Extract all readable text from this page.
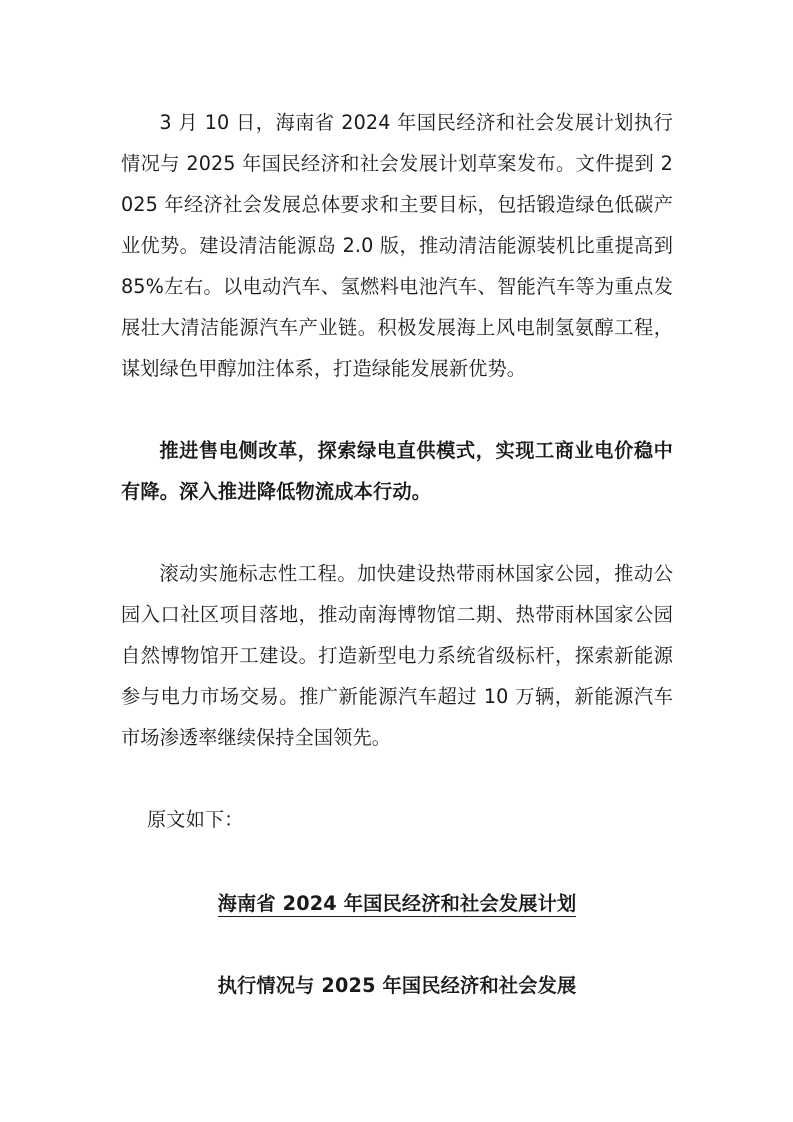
3 月 10 日，海南省 2024 年国民经济和社会发展计划执行情况与 2025 年国民经济和社会发展计划草案发布。文件提到 2025 年经济社会发展总体要求和主要目标，包括锻造绿色低碳产业优势。建设清洁能源岛 2.0 版，推动清洁能源装机比重提高到 85%左右。以电动汽车、氢燃料电池汽车、智能汽车等为重点发展壮大清洁能源汽车产业链。积极发展海上风电制氢氨醇工程，谋划绿色甲醇加注体系，打造绿能发展新优势。

推进售电侧改革，探索绿电直供模式，实现工商业电价稳中有降。深入推进降低物流成本行动。

滚动实施标志性工程。加快建设热带雨林国家公园，推动公园入口社区项目落地，推动南海博物馆二期、热带雨林国家公园自然博物馆开工建设。打造新型电力系统省级标杆，探索新能源参与电力市场交易。推广新能源汽车超过 10 万辆，新能源汽车市场渗透率继续保持全国领先。

原文如下：

海南省 2024 年国民经济和社会发展计划
执行情况与 2025 年国民经济和社会发展
